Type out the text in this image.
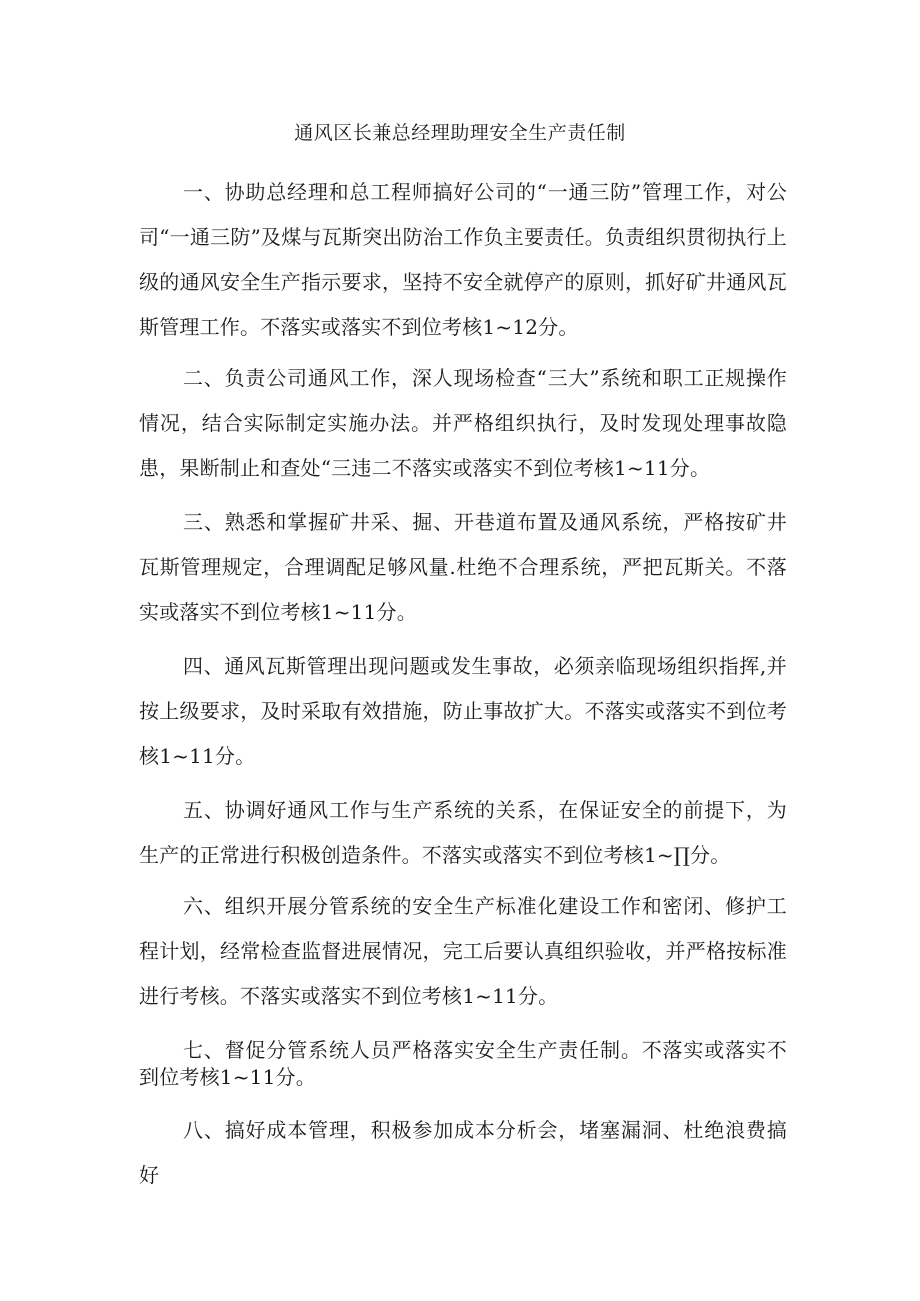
通风区长兼总经理助理安全生产责任制

一、协助总经理和总工程师搞好公司的“一通三防”管理工作，对公司“一通三防”及煤与瓦斯突出防治工作负主要责任。负责组织贯彻执行上级的通风安全生产指示要求，坚持不安全就停产的原则，抓好矿井通风瓦斯管理工作。不落实或落实不到位考核1~12分。

二、负责公司通风工作，深人现场检查“三大”系统和职工正规操作情况，结合实际制定实施办法。并严格组织执行，及时发现处理事故隐患，果断制止和查处“三违二不落实或落实不到位考核1~11分。

三、熟悉和掌握矿井采、掘、开巷道布置及通风系统，严格按矿井瓦斯管理规定，合理调配足够风量.杜绝不合理系统，严把瓦斯关。不落实或落实不到位考核1~11分。

四、通风瓦斯管理出现问题或发生事故，必须亲临现场组织指挥,并按上级要求，及时采取有效措施，防止事故扩大。不落实或落实不到位考核1~11分。

五、协调好通风工作与生产系统的关系，在保证安全的前提下，为生产的正常进行积极创造条件。不落实或落实不到位考核1~∏分。

六、组织开展分管系统的安全生产标准化建设工作和密闭、修护工程计划，经常检查监督进展情况，完工后要认真组织验收，并严格按标准进行考核。不落实或落实不到位考核1~11分。

七、督促分管系统人员严格落实安全生产责任制。不落实或落实不到位考核1~11分。

八、搞好成本管理，积极参加成本分析会，堵塞漏洞、杜绝浪费搞好
